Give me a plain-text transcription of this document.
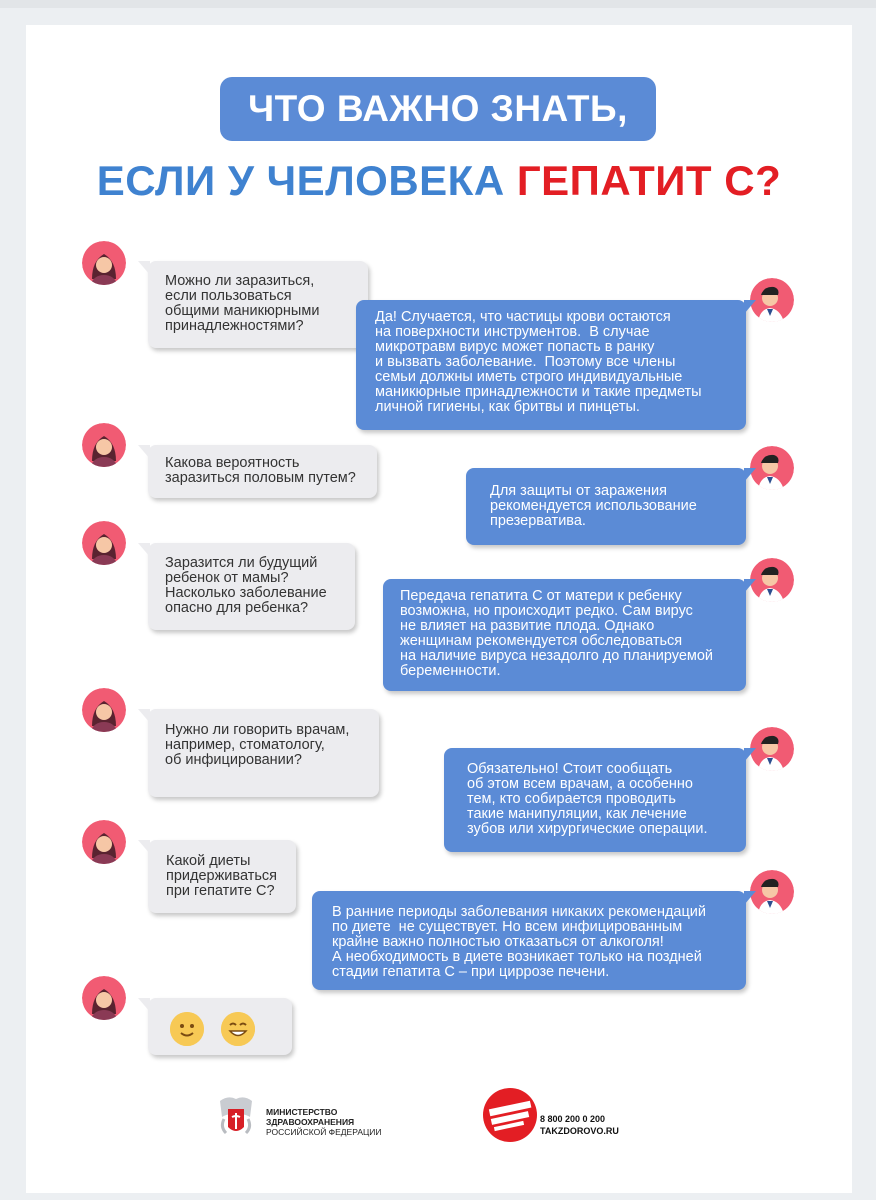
ЧТО ВАЖНО ЗНАТЬ,
ЕСЛИ У ЧЕЛОВЕКА ГЕПАТИТ С?
Можно ли заразиться,
если пользоваться
общими маникюрными
принадлежностями?
Да! Случается, что частицы крови остаются
на поверхности инструментов.  В случае
микротравм вирус может попасть в ранку
и вызвать заболевание.  Поэтому все члены
семьи должны иметь строго индивидуальные
маникюрные принадлежности и такие предметы
личной гигиены, как бритвы и пинцеты.
Какова вероятность
заразиться половым путем?
Для защиты от заражения
рекомендуется использование
презерватива.
Заразится ли будущий
ребенок от мамы?
Насколько заболевание
опасно для ребенка?
Передача гепатита С от матери к ребенку
возможна, но происходит редко. Сам вирус
не влияет на развитие плода. Однако
женщинам рекомендуется обследоваться
на наличие вируса незадолго до планируемой
беременности.
Нужно ли говорить врачам,
например, стоматологу,
об инфицировании?
Обязательно! Стоит сообщать
об этом всем врачам, а особенно
тем, кто собирается проводить
такие манипуляции, как лечение
зубов или хирургические операции.
Какой диеты
придерживаться
при гепатите С?
В ранние периоды заболевания никаких рекомендаций
по диете  не существует. Но всем инфицированным
крайне важно полностью отказаться от алкоголя!
А необходимость в диете возникает только на поздней
стадии гепатита С – при циррозе печени.
МИНИСТЕРСТВО
ЗДРАВООХРАНЕНИЯ
РОССИЙСКОЙ ФЕДЕРАЦИИ
8 800 200 0 200
TAKZDOROVO.RU
